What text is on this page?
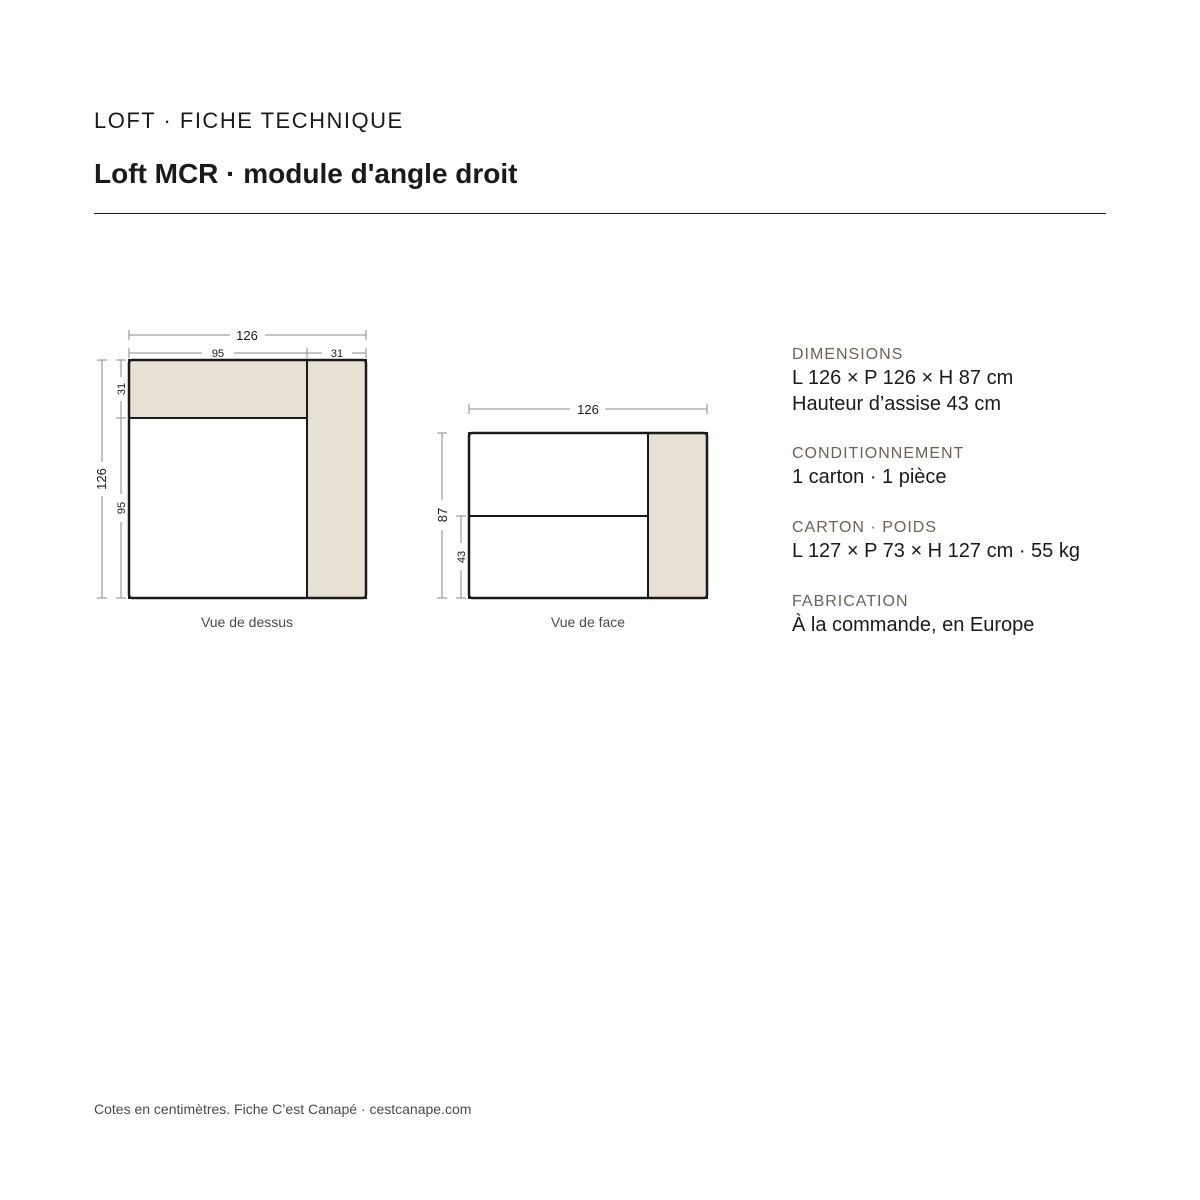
LOFT · FICHE TECHNIQUE
Loft MCR · module d'angle droit
126
95	31
126
31
95
Vue de dessus
126
87
43
Vue de face
DIMENSIONS
L 126 × P 126 × H 87 cm
Hauteur d’assise 43 cm
CONDITIONNEMENT
1 carton · 1 pièce
CARTON · POIDS
L 127 × P 73 × H 127 cm · 55 kg
FABRICATION
À la commande, en Europe
Cotes en centimètres. Fiche C’est Canapé · cestcanape.com
